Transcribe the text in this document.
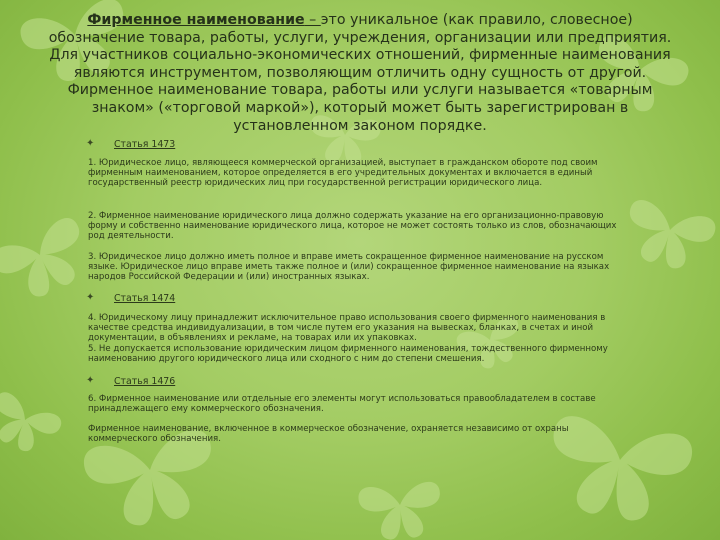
Фирменное наименование – это уникальное (как правило, словесное) обозначение товара, работы, услуги, учреждения, организации или предприятия. Для участников социально-экономических отношений, фирменные наименования являются инструментом, позволяющим отличить одну сущность от другой. Фирменное наименование товара, работы или услуги называется «товарным знаком» («торговой маркой»), который может быть зарегистрирован в установленном законом порядке.
✦ Статья 1473
1. Юридическое лицо, являющееся коммерческой организацией, выступает в гражданском обороте под своим фирменным наименованием, которое определяется в его учредительных документах и включается в единый государственный реестр юридических лиц при государственной регистрации юридического лица.
2. Фирменное наименование юридического лица должно содержать указание на его организационно-правовую форму и собственно наименование юридического лица, которое не может состоять только из слов, обозначающих род деятельности.
3. Юридическое лицо должно иметь полное и вправе иметь сокращенное фирменное наименование на русском языке. Юридическое лицо вправе иметь также полное и (или) сокращенное фирменное наименование на языках народов Российской Федерации и (или) иностранных языках.
✦ Статья 1474
4. Юридическому лицу принадлежит исключительное право использования своего фирменного наименования в качестве средства индивидуализации, в том числе путем его указания на вывесках, бланках, в счетах и иной документации, в объявлениях и рекламе, на товарах или их упаковках.
5. Не допускается использование юридическим лицом фирменного наименования, тождественного фирменному наименованию другого юридического лица или сходного с ним до степени смешения.
✦ Статья 1476
6. Фирменное наименование или отдельные его элементы могут использоваться правообладателем в составе принадлежащего ему коммерческого обозначения.
Фирменное наименование, включенное в коммерческое обозначение, охраняется независимо от охраны коммерческого обозначения.
